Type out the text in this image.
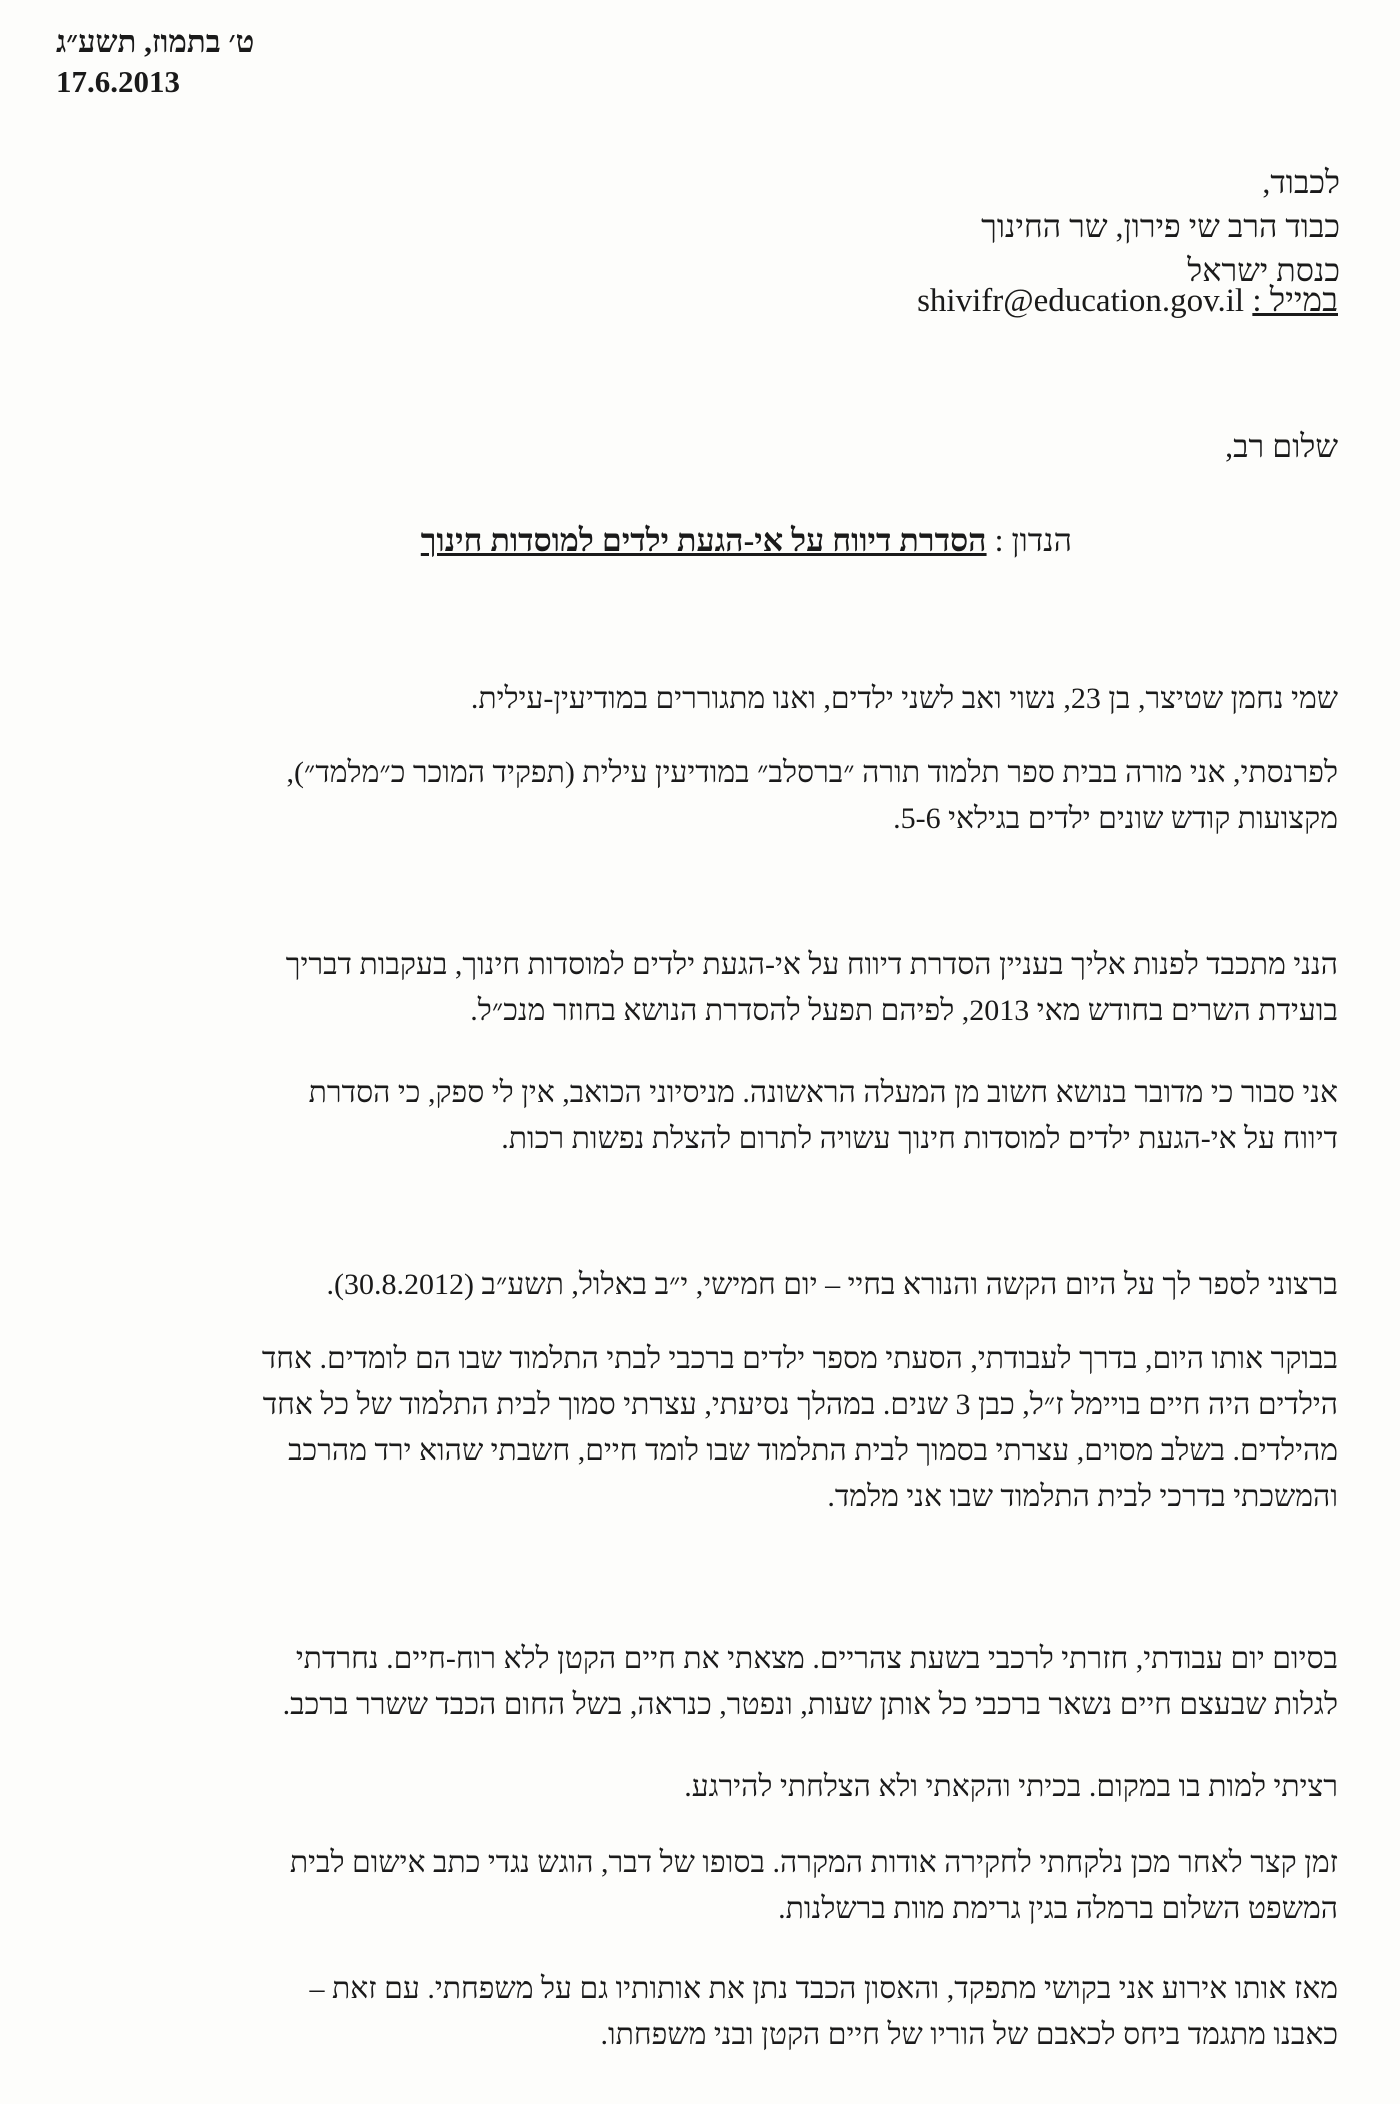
ט׳ בתמוז, תשע״ג
17.6.2013
לכבוד,
כבוד הרב שי פירון, שר החינוך
כנסת ישראל
במייל : shivifr@education.gov.il
שלום רב,
הנדון : הסדרת דיווח על אי-הגעת ילדים למוסדות חינוך
שמי נחמן שטיצר, בן 23, נשוי ואב לשני ילדים, ואנו מתגוררים במודיעין-עילית.
לפרנסתי, אני מורה בבית ספר תלמוד תורה ״ברסלב״ במודיעין עילית (תפקיד המוכר כ״מלמד״),
מקצועות קודש שונים ילדים בגילאי 5-6.
הנני מתכבד לפנות אליך בעניין הסדרת דיווח על אי-הגעת ילדים למוסדות חינוך, בעקבות דבריך
בועידת השרים בחודש מאי 2013, לפיהם תפעל להסדרת הנושא בחוזר מנכ״ל.
אני סבור כי מדובר בנושא חשוב מן המעלה הראשונה. מניסיוני הכואב, אין לי ספק, כי הסדרת
דיווח על אי-הגעת ילדים למוסדות חינוך עשויה לתרום להצלת נפשות רכות.
ברצוני לספר לך על היום הקשה והנורא בחיי – יום חמישי, י״ב באלול, תשע״ב (30.8.2012).
בבוקר אותו היום, בדרך לעבודתי, הסעתי מספר ילדים ברכבי לבתי התלמוד שבו הם לומדים. אחד
הילדים היה חיים בויימל ז״ל, כבן 3 שנים. במהלך נסיעתי, עצרתי סמוך לבית התלמוד של כל אחד
מהילדים. בשלב מסוים, עצרתי בסמוך לבית התלמוד שבו לומד חיים, חשבתי שהוא ירד מהרכב
והמשכתי בדרכי לבית התלמוד שבו אני מלמד.
בסיום יום עבודתי, חזרתי לרכבי בשעת צהריים. מצאתי את חיים הקטן ללא רוח-חיים. נחרדתי
לגלות שבעצם חיים נשאר ברכבי כל אותן שעות, ונפטר, כנראה, בשל החום הכבד ששרר ברכב.
רציתי למות בו במקום. בכיתי והקאתי ולא הצלחתי להירגע.
זמן קצר לאחר מכן נלקחתי לחקירה אודות המקרה. בסופו של דבר, הוגש נגדי כתב אישום לבית
המשפט השלום ברמלה בגין גרימת מוות ברשלנות.
מאז אותו אירוע אני בקושי מתפקד, והאסון הכבד נתן את אותותיו גם על משפחתי. עם זאת –
כאבנו מתגמד ביחס לכאבם של הוריו של חיים הקטן ובני משפחתו.
